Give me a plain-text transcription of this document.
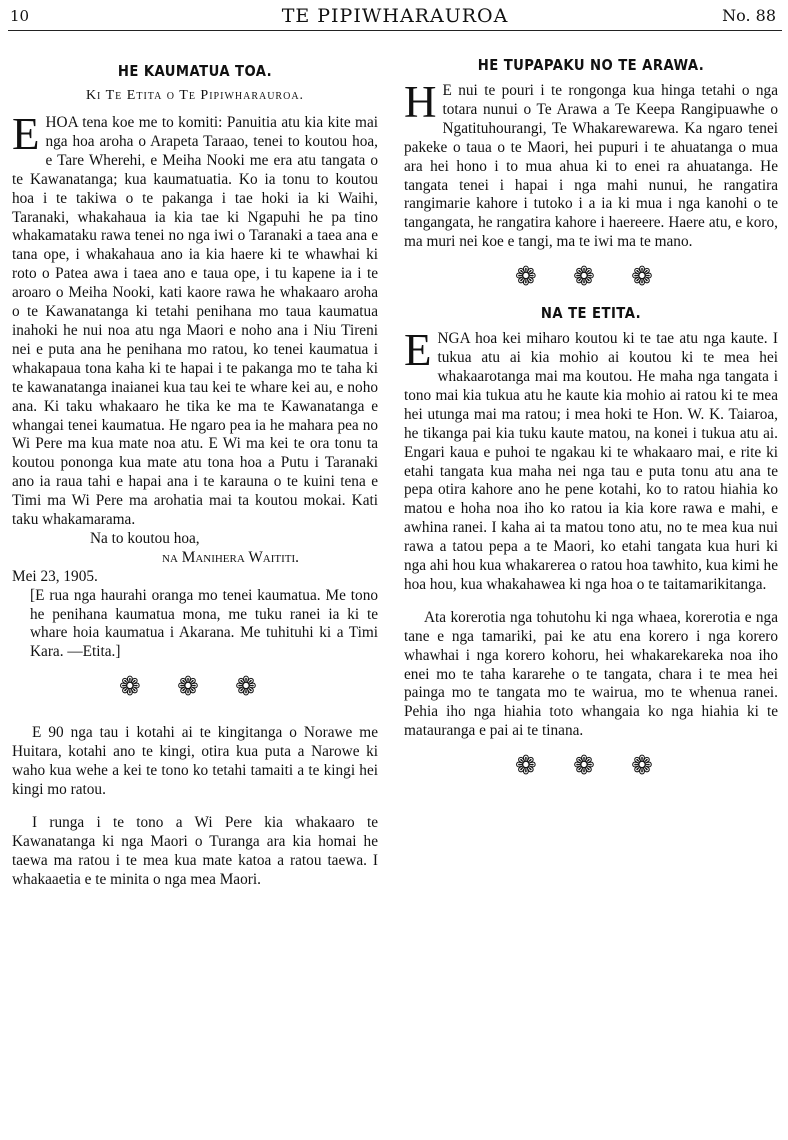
10	TE PIPIWHARAUROA	No. 88
HE KAUMATUA TOA.
Ki Te Etita o Te Pipiwharauroa.

EHOA tena koe me to komiti: Panuitia atu kia kite mai nga hoa aroha o Arapeta Taraao, tenei to koutou hoa, e Tare Wherehi, e Meiha Nooki me era atu tangata o te Kawanatanga; kua kaumatuatia. Ko ia tonu to koutou hoa i te takiwa o te pakanga i tae hoki ia ki Waihi, Taranaki, whakahaua ia kia tae ki Ngapuhi he pa tino whakamataku rawa tenei no nga iwi o Taranaki a taea ana e tana ope, i whakahaua ano ia kia haere ki te whawhai ki roto o Patea awa i taea ano e taua ope, i tu kapene ia i te aroaro o Meiha Nooki, kati kaore rawa he whakaaro aroha o te Kawanatanga ki tetahi penihana mo taua kaumatua inahoki he nui noa atu nga Maori e noho ana i Niu Tireni nei e puta ana he penihana mo ratou, ko tenei kaumatua i whakapaua tona kaha ki te hapai i te pakanga mo te taha ki te kawanatanga inaianei kua tau kei te whare kei au, e noho ana. Ki taku whakaaro he tika ke ma te Kawanatanga e whangai tenei kaumatua. He ngaro pea ia he mahara pea no Wi Pere ma kua mate noa atu. E Wi ma kei te ora tonu ta koutou pononga kua mate atu tona hoa a Putu i Taranaki ano ia raua tahi e hapai ana i te karauna o te kuini tena e Timi ma Wi Pere ma arohatia mai ta koutou mokai. Kati taku whakamarama.

Na to koutou hoa,
na Manihera Waititi.

Mei 23, 1905.

[E rua nga haurahi oranga mo tenei kaumatua. Me tono he penihana kaumatua mona, me tuku ranei ia ki te whare hoia kaumatua i Akarana. Me tuhituhi ki a Timi Kara. —Etita.]

❁ ❁ ❁

E 90 nga tau i kotahi ai te kingitanga o Norawe me Huitara, kotahi ano te kingi, otira kua puta a Narowe ki waho kua wehe a kei te tono ko tetahi tamaiti a te kingi hei kingi mo ratou.

I runga i te tono a Wi Pere kia whakaaro te Kawanatanga ki nga Maori o Turanga ara kia homai he taewa ma ratou i te mea kua mate katoa a ratou taewa. I whakaaetia e te minita o nga mea Maori.

HE TUPAPAKU NO TE ARAWA.

H E nui te pouri i te rongonga kua hinga tetahi o nga totara nunui o Te Arawa a Te Keepa Rangipuawhe o Ngatituhourangi, Te Whakarewarewa. Ka ngaro tenei pakeke o taua o te Maori, hei pupuri i te ahuatanga o mua ara hei hono i to mua ahua ki to enei ra ahuatanga. He tangata tenei i hapai i nga mahi nunui, he rangatira rangimarie kahore i tutoko i a ia ki mua i nga kanohi o te tangangata, he rangatira kahore i haereere. Haere atu, e koro, ma muri nei koe e tangi, ma te iwi ma te mano.

❁ ❁ ❁
NA TE ETITA.

ENGA hoa kei miharo koutou ki te tae atu nga kaute. I tukua atu ai kia mohio ai koutou ki te mea hei whakaarotanga mai ma koutou. He maha nga tangata i tono mai kia tukua atu he kaute kia mohio ai ratou ki te mea hei utunga mai ma ratou; i mea hoki te Hon. W. K. Taiaroa, he tikanga pai kia tuku kaute matou, na konei i tukua atu ai. Engari kaua e puhoi te ngakau ki te whakaaro mai, e rite ki etahi tangata kua maha nei nga tau e puta tonu atu ana te pepa otira kahore ano he pene kotahi, ko to ratou hiahia ko matou e hoha noa iho ko ratou ia kia kore rawa e mahi, e awhina ranei. I kaha ai ta matou tono atu, no te mea kua nui rawa a tatou pepa a te Maori, ko etahi tangata kua huri ki nga ahi hou kua whakarerea o ratou hoa tawhito, kua kimi he hoa hou, kua whakahawea ki nga hoa o te taitamarikitanga.

Ata korerotia nga tohutohu ki nga whaea, korerotia e nga tane e nga tamariki, pai ke atu ena korero i nga korero whawhai i nga korero kohoru, hei whakarekareka noa iho enei mo te taha kararehe o te tangata, chara i te mea hei painga mo te tangata mo te wairua, mo te whenua ranei. Pehia iho nga hiahia toto whangaia ko nga hiahia ki te matauranga e pai ai te tinana.

❁ ❁ ❁
